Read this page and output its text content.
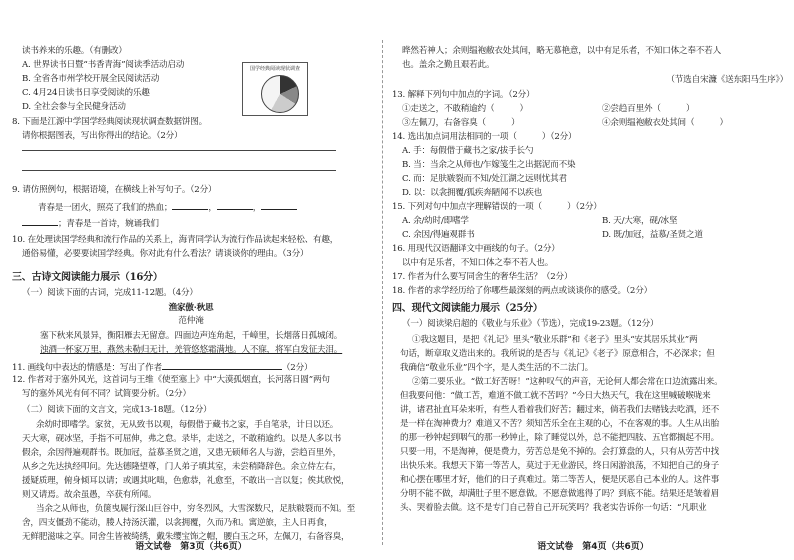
读书养来的乐趣。（有删改）
A. 世界读书日暨“书香青海”阅读季活动启动
B. 全省各市州学校开展全民阅读活动
C. 4月24日读书日享受阅读的乐趣
D. 全社会参与全民健身活动
国学经典阅读现状调查
8. 下面是江源中学国学经典阅读现状调查数据饼图。
请你根据图表，写出你得出的结论。（2分）
9. 请仿照例句，根据语境，在横线上补写句子。（2分）
青春是一团火，照亮了我们的热血；	，	，
；青春是一首诗，婉诵我们
10. 在处理读国学经典和流行作品的关系上，海青同学认为流行作品读起来轻松、有趣，
通俗易懂，必要要读国学经典。你对此有什么看法？请谈谈你的理由。（3分）
三、古诗文阅读能力展示（16分）
（一）阅读下面的古词，完成11-12题。（4分）
渔家傲·秋思
范仲淹
塞下秋来风景异，衡阳雁去无留意。四面边声连角起，千嶂里，长烟落日孤城闭。
浊酒一杯家万里，燕然未勒归无计，羌管悠悠霜满地。人不寐，将军白发征夫泪。
11. 画线句中表达的情感是：写出了作者	（2分）
12. 作者对于塞外风光，这首词与王维《使至塞上》中“大漠孤烟直，长河落日圆”两句
写的塞外风光有何不同？试简要分析。（2分）
（二）阅读下面的文言文，完成13-18题。（12分）
余幼时即嗜学。家贫，无从致书以观，每假借于藏书之家，手自笔录，计日以还。
天大寒，砚冰坚，手指不可屈伸，弗之怠。录毕，走送之，不敢稍逾约。以是人多以书
假余，余因得遍观群书。既加冠，益慕圣贤之道，又患无硕师名人与游，尝趋百里外，
从乡之先达执经叩问。先达德隆望尊，门人弟子填其室，未尝稍降辞色。余立侍左右，
援疑质理，俯身倾耳以请；或遇其叱咄，色愈恭，礼愈至，不敢出一言以复；俟其欣悦，
则又请焉。故余虽愚，卒获有所闻。
当余之从师也，负箧曳屣行深山巨谷中，穷冬烈风，大雪深数尺，足肤皲裂而不知。至
舍，四支僵劲不能动，媵人持汤沃灌，以衾拥覆，久而乃和。寓逆旅，主人日再食，
无鲜肥滋味之享。同舍生皆被绮绣，戴朱缨宝饰之帽，腰白玉之环，左佩刀，右备容臭，
语文试卷　第3页（共6页）
晔然若神人；余则缊袍敝衣处其间，略无慕艳意，以中有足乐者，不知口体之奉不若人
也。盖余之勤且艰若此。
（节选自宋濂《送东阳马生序》）
13. 解释下列句中加点的字词。（2分）
①走送之，不敢稍逾约（　　　）	②尝趋百里外（　　　）
③左佩刀，右备容臭（　　　）	④余则缊袍敝衣处其间（　　　）
14. 选出加点词用法相同的一项（　　　）（2分）
A. 手：每假借于藏书之家/拔手长勺
B. 当：当余之从师也/乍嫁笺生之出据泥而不染
C. 而：足肤皲裂而不知/处江湖之远则忧其君
D. 以：以衾拥覆/狐疾奔陋闻不以疾也
15. 下列对句中加点字理解错误的一项（　　　）（2分）
A. 余/幼时/即嗜学	B. 天/大寒，砚/冰坚
C. 余因/得遍观群书	D. 既/加冠，益慕/圣贤之道
16. 用现代汉语翻译文中画线的句子。（2分）
以中有足乐者，不知口体之奉不若人也。
17. 作者为什么要写同舍生的奢华生活？（2分）
18. 作者的求学经历给了你哪些最深刻的两点或谈谈你的感受。（2分）
四、现代文阅读能力展示（25分）
（一）阅读梁启超的《敬业与乐业》（节选），完成19-23题。（12分）
①我这题目，是把《礼记》里头“敬业乐群”和《老子》里头“安其居乐其业”两
句话，断章取义造出来的。我所说的是否与《礼记》《老子》原意相合，不必深求；但
我确信“敬业乐业”四个字，是人类生活的不二法门。
②第二要乐业。“做工好苦呀！”这种叹气的声音，无论何人都会常在口边流露出来。
但我要问他：“做工苦，难道不做工就不苦吗？”今日大热天气，我在这里喊破喉咙来
讲，诸君扯直耳朵来听，有些人看着我们好苦；翻过来，倘若我们去赌钱去吃酒，还不
是一样在淘神费力？难道又不苦？须知苦乐全在主观的心，不在客观的事。人生从出胎
的那一秒钟起到咽气的那一秒钟止，除了睡觉以外，总不能把四肢、五官都搁起不用。
只要一用，不是淘神，便是费力，劳苦总是免不掉的。会打算盘的人，只有从劳苦中找
出快乐来。我想天下第一等苦人，莫过于无业游民，终日闲游浪荡，不知把自己的身子
和心摆在哪里才好，他们的日子真难过。第二等苦人，便是厌恶自己本业的人。这件事
分明不能不做，却满肚子里不愿意做。不愿意做逃得了吗？到底不能。结果还是皱着眉
头、哭着脸去做。这不是专门自己替自己开玩笑吗？我老实告诉你一句话：“凡职业
语文试卷　第4页（共6页）
